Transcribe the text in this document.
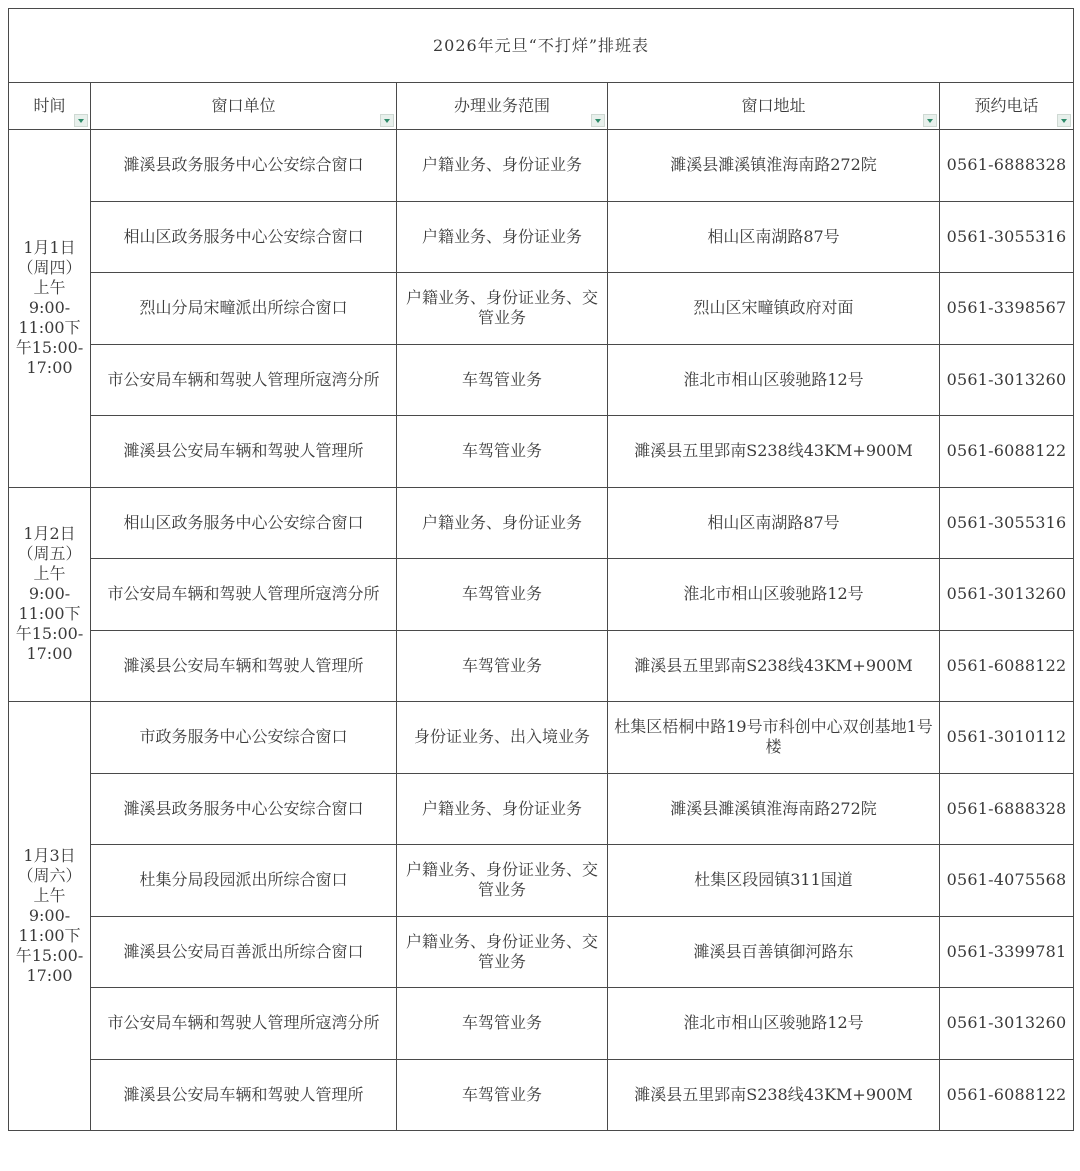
2026年元旦“不打烊”排班表				
时间	窗口单位	办理业务范围	窗口地址	预约电话

1月1日
（周四）
上午
9:00-
11:00下
午15:00-
17:00
	濉溪县政务服务中心公安综合窗口	户籍业务、身份证业务	濉溪县濉溪镇淮海南路272院	0561-6888328
	相山区政务服务中心公安综合窗口	户籍业务、身份证业务	相山区南湖路87号	0561-3055316
	烈山分局宋疃派出所综合窗口	户籍业务、身份证业务、交管业务	烈山区宋疃镇政府对面	0561-3398567
	市公安局车辆和驾驶人管理所寇湾分所	车驾管业务	淮北市相山区骏驰路12号	0561-3013260
	濉溪县公安局车辆和驾驶人管理所	车驾管业务	濉溪县五里郢南S238线43KM+900M	0561-6088122

1月2日
（周五）
上午
9:00-
11:00下
午15:00-
17:00
	相山区政务服务中心公安综合窗口	户籍业务、身份证业务	相山区南湖路87号	0561-3055316
	市公安局车辆和驾驶人管理所寇湾分所	车驾管业务	淮北市相山区骏驰路12号	0561-3013260
	濉溪县公安局车辆和驾驶人管理所	车驾管业务	濉溪县五里郢南S238线43KM+900M	0561-6088122

1月3日
（周六）
上午
9:00-
11:00下
午15:00-
17:00
	市政务服务中心公安综合窗口	身份证业务、出入境业务	杜集区梧桐中路19号市科创中心双创基地1号楼	0561-3010112
	濉溪县政务服务中心公安综合窗口	户籍业务、身份证业务	濉溪县濉溪镇淮海南路272院	0561-6888328
	杜集分局段园派出所综合窗口	户籍业务、身份证业务、交管业务	杜集区段园镇311国道	0561-4075568
	濉溪县公安局百善派出所综合窗口	户籍业务、身份证业务、交管业务	濉溪县百善镇御河路东	0561-3399781
	市公安局车辆和驾驶人管理所寇湾分所	车驾管业务	淮北市相山区骏驰路12号	0561-3013260
	濉溪县公安局车辆和驾驶人管理所	车驾管业务	濉溪县五里郢南S238线43KM+900M	0561-6088122
